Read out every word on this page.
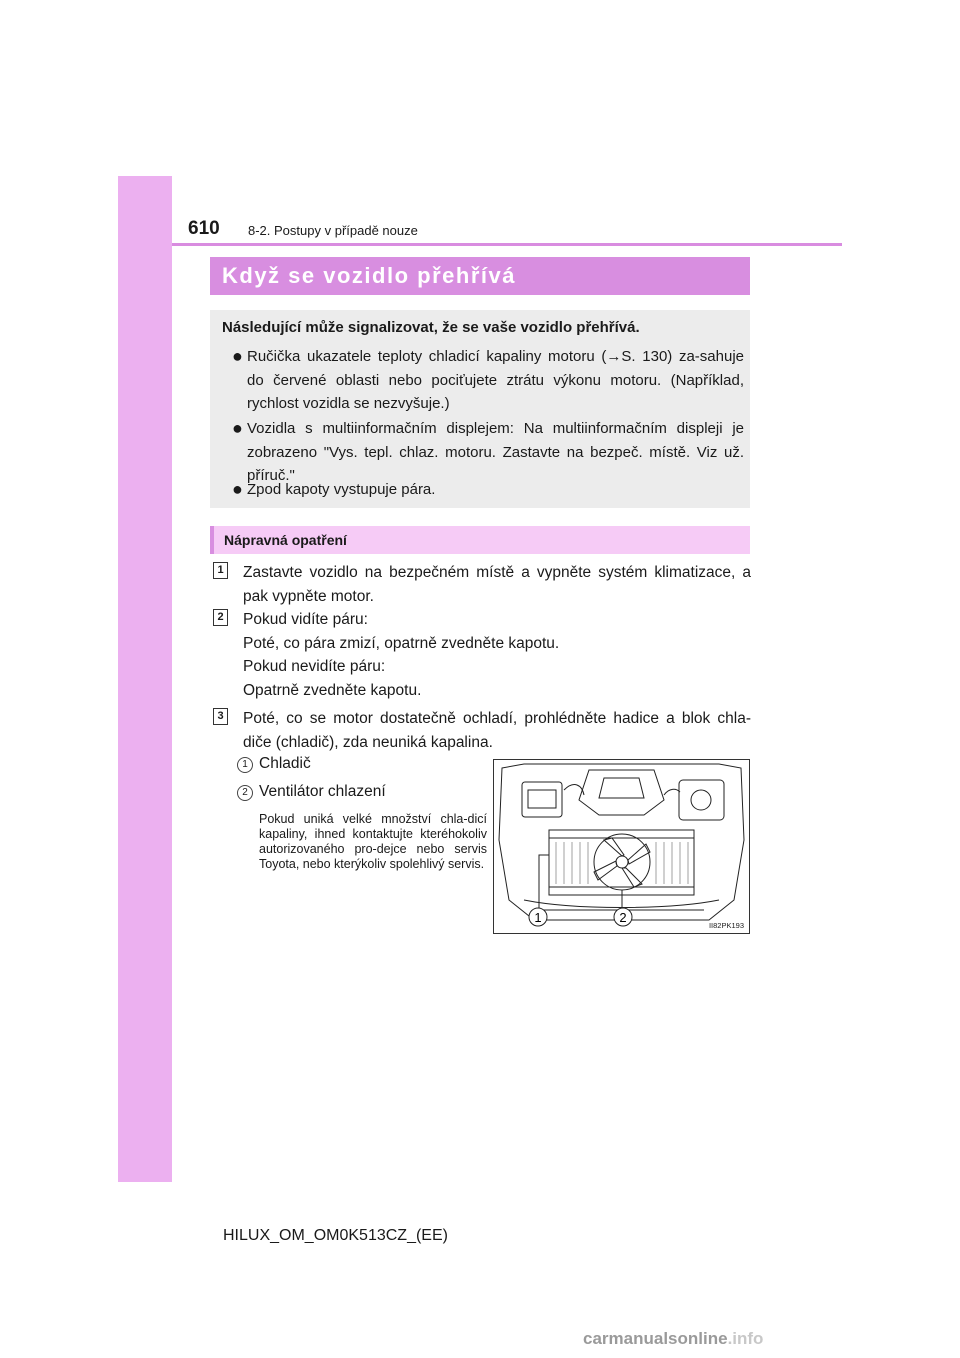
610 8-2. Postupy v případě nouze
Když se vozidlo přehřívá
Následující může signalizovat, že se vaše vozidlo přehřívá.
● Ručička ukazatele teploty chladicí kapaliny motoru (→S. 130) za-sahuje do červené oblasti nebo pociťujete ztrátu výkonu motoru. (Například, rychlost vozidla se nezvyšuje.)
● Vozidla s multiinformačním displejem: Na multiinformačním displeji je zobrazeno "Vys. tepl. chlaz. motoru. Zastavte na bezpeč. místě. Viz už. příruč."
● Zpod kapoty vystupuje pára.
Nápravná opatření
1 Zastavte vozidlo na bezpečném místě a vypněte systém klimatizace, a pak vypněte motor.
2 Pokud vidíte páru:
Poté, co pára zmizí, opatrně zvedněte kapotu.
Pokud nevidíte páru:
Opatrně zvedněte kapotu.
3 Poté, co se motor dostatečně ochladí, prohlédněte hadice a blok chla-diče (chladič), zda neuniká kapalina.
1 Chladič
2 Ventilátor chlazení
Pokud uniká velké množství chla-dicí kapaliny, ihned kontaktujte kteréhokoliv autorizovaného pro-dejce nebo servis Toyota, nebo kterýkoliv spolehlivý servis.
1	2
II82PK193
HILUX_OM_OM0K513CZ_(EE)
carmanualsonline.info
